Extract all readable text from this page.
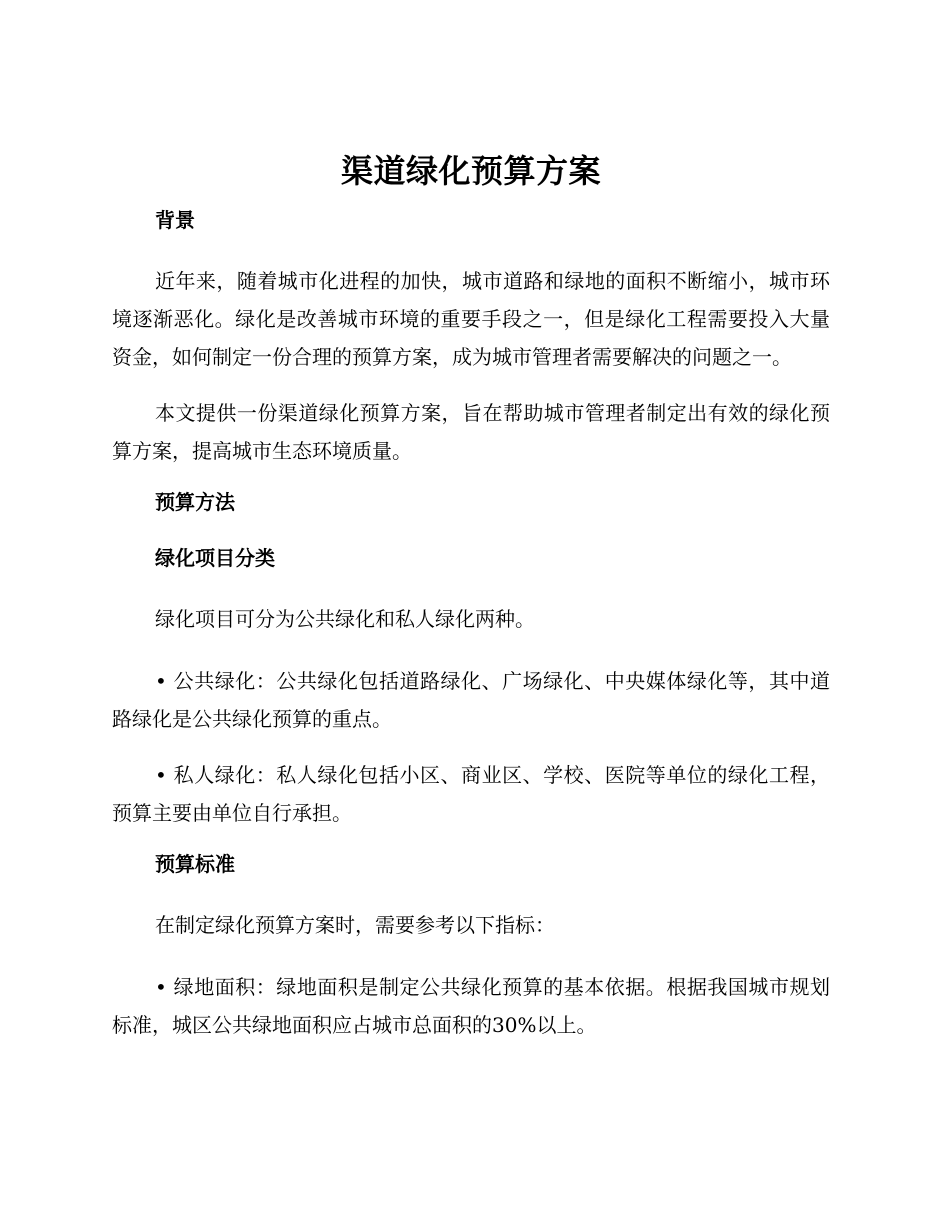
渠道绿化预算方案
背景

近年来，随着城市化进程的加快，城市道路和绿地的面积不断缩小，城市环境逐渐恶化。绿化是改善城市环境的重要手段之一，但是绿化工程需要投入大量资金，如何制定一份合理的预算方案，成为城市管理者需要解决的问题之一。

本文提供一份渠道绿化预算方案，旨在帮助城市管理者制定出有效的绿化预算方案，提高城市生态环境质量。

预算方法
绿化项目分类

绿化项目可分为公共绿化和私人绿化两种。

• 公共绿化：公共绿化包括道路绿化、广场绿化、中央媒体绿化等，其中道路绿化是公共绿化预算的重点。

• 私人绿化：私人绿化包括小区、商业区、学校、医院等单位的绿化工程，预算主要由单位自行承担。

预算标准

在制定绿化预算方案时，需要参考以下指标：

• 绿地面积：绿地面积是制定公共绿化预算的基本依据。根据我国城市规划标准，城区公共绿地面积应占城市总面积的30%以上。
